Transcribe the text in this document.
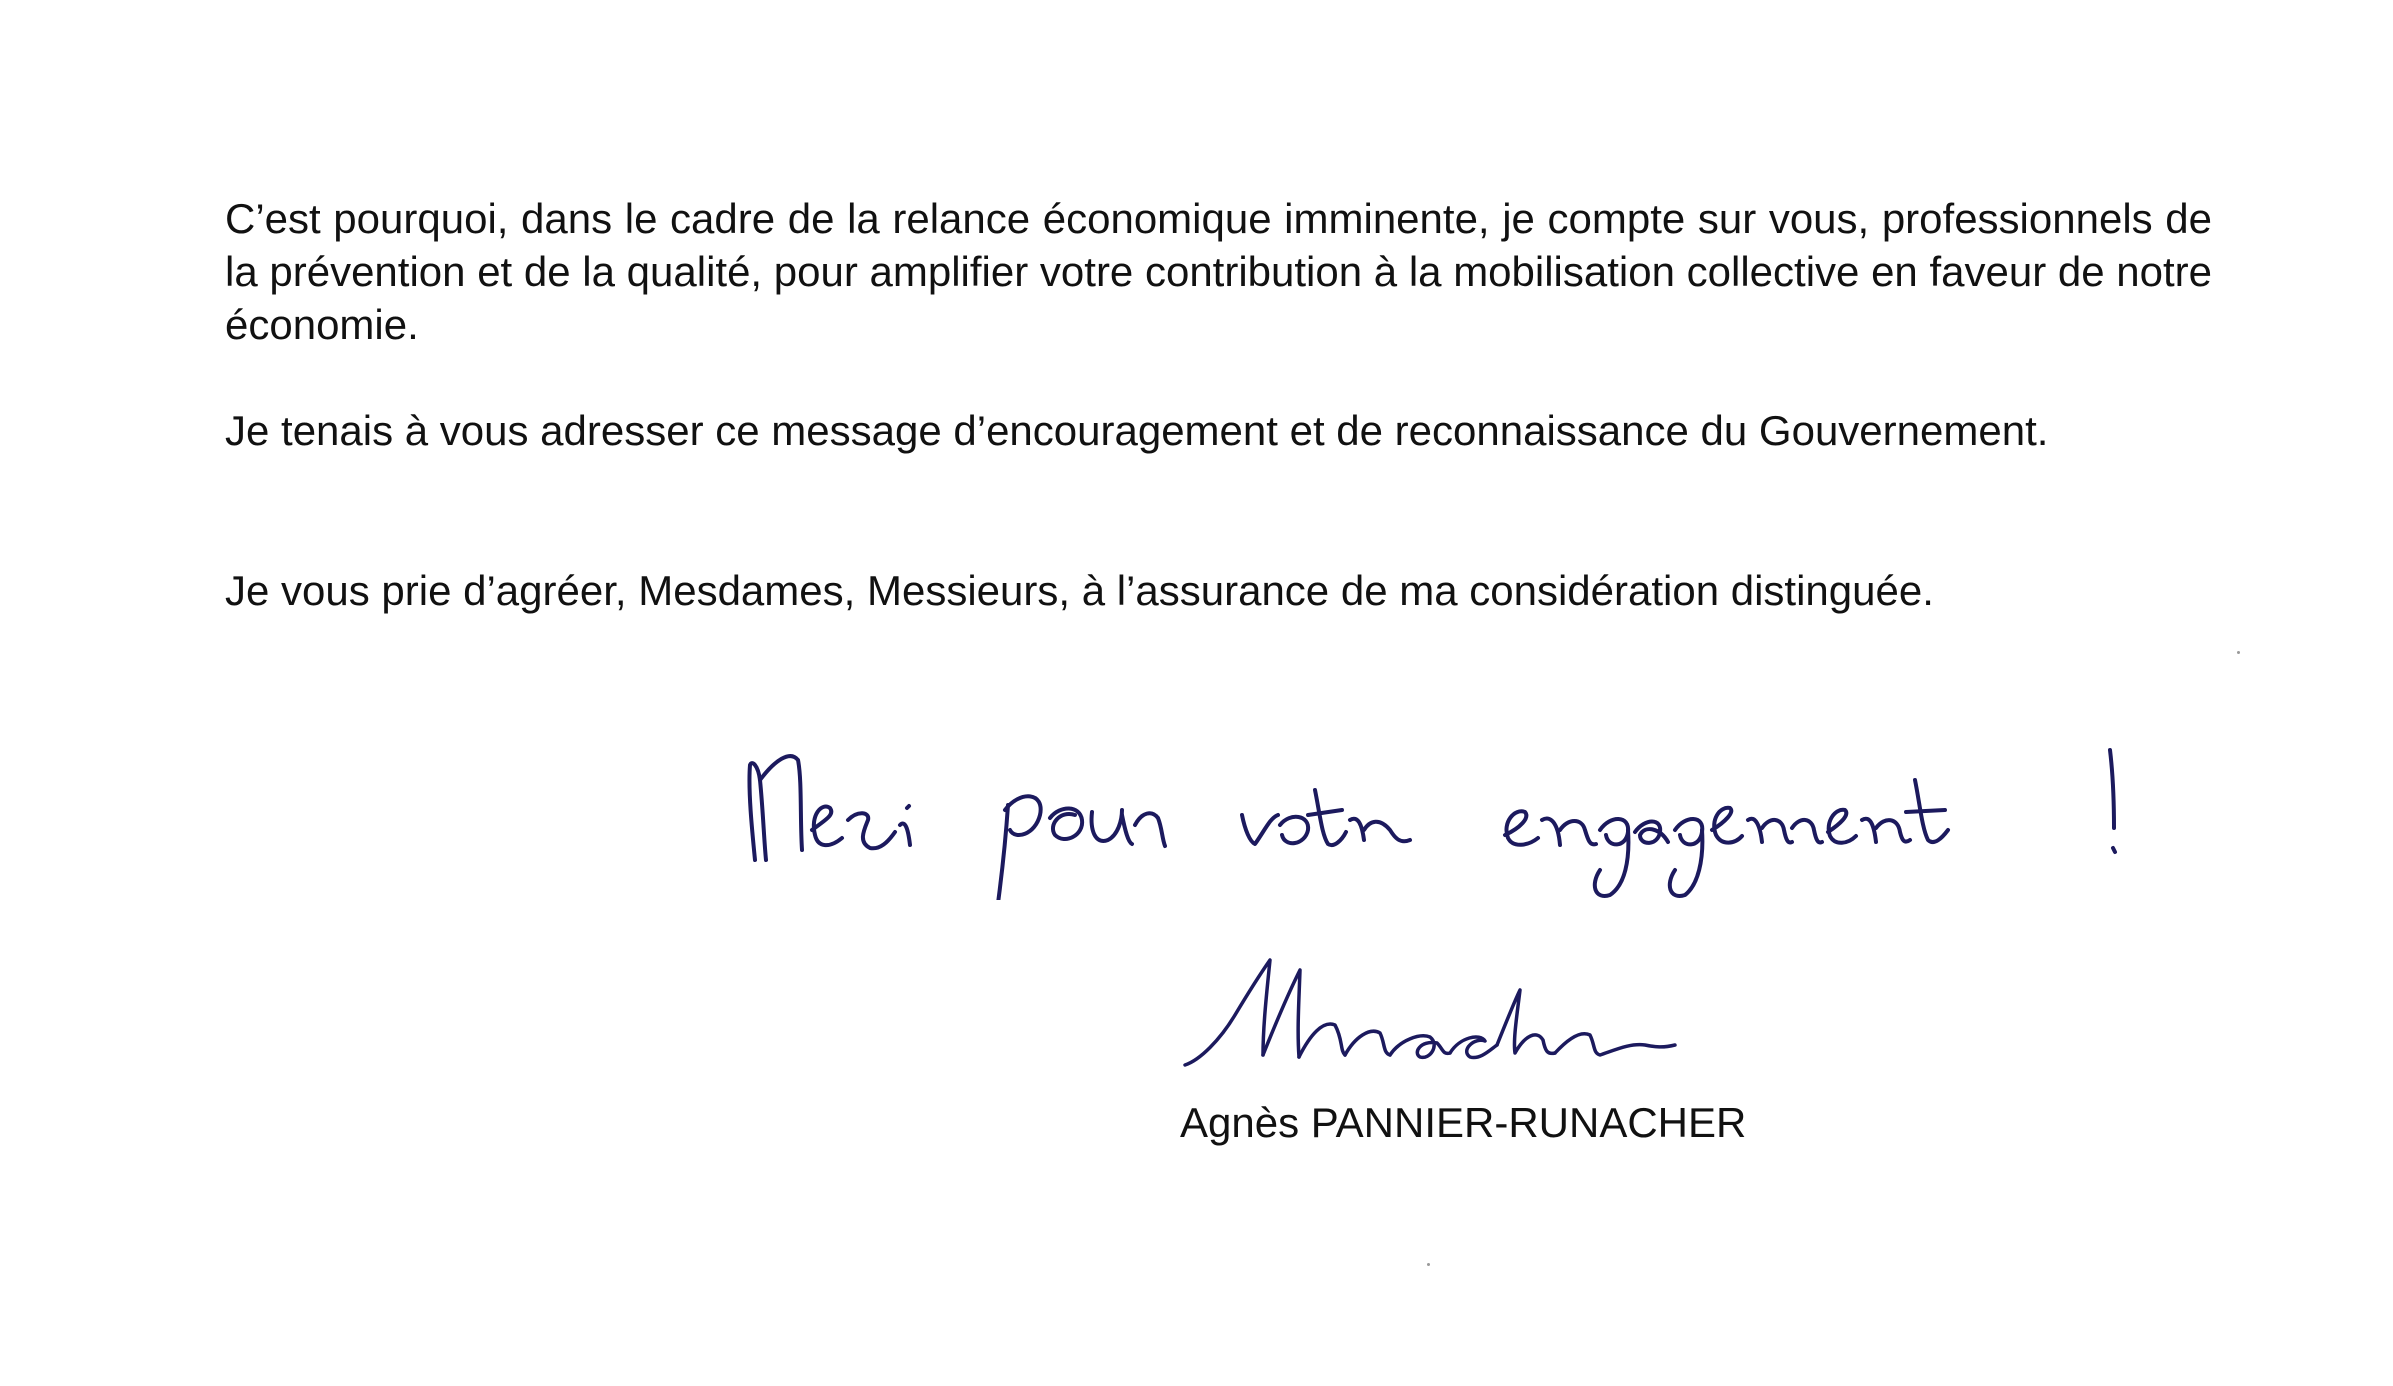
C’est pourquoi, dans le cadre de la relance économique imminente, je compte sur vous, professionnels de la prévention et de la qualité, pour amplifier votre contribution à la mobilisation collective en faveur de notre économie.

Je tenais à vous adresser ce message d’encouragement et de reconnaissance du Gouvernement.

Je vous prie d’agréer, Mesdames, Messieurs, à l’assurance de ma considération distinguée.

Agnès PANNIER-RUNACHER
